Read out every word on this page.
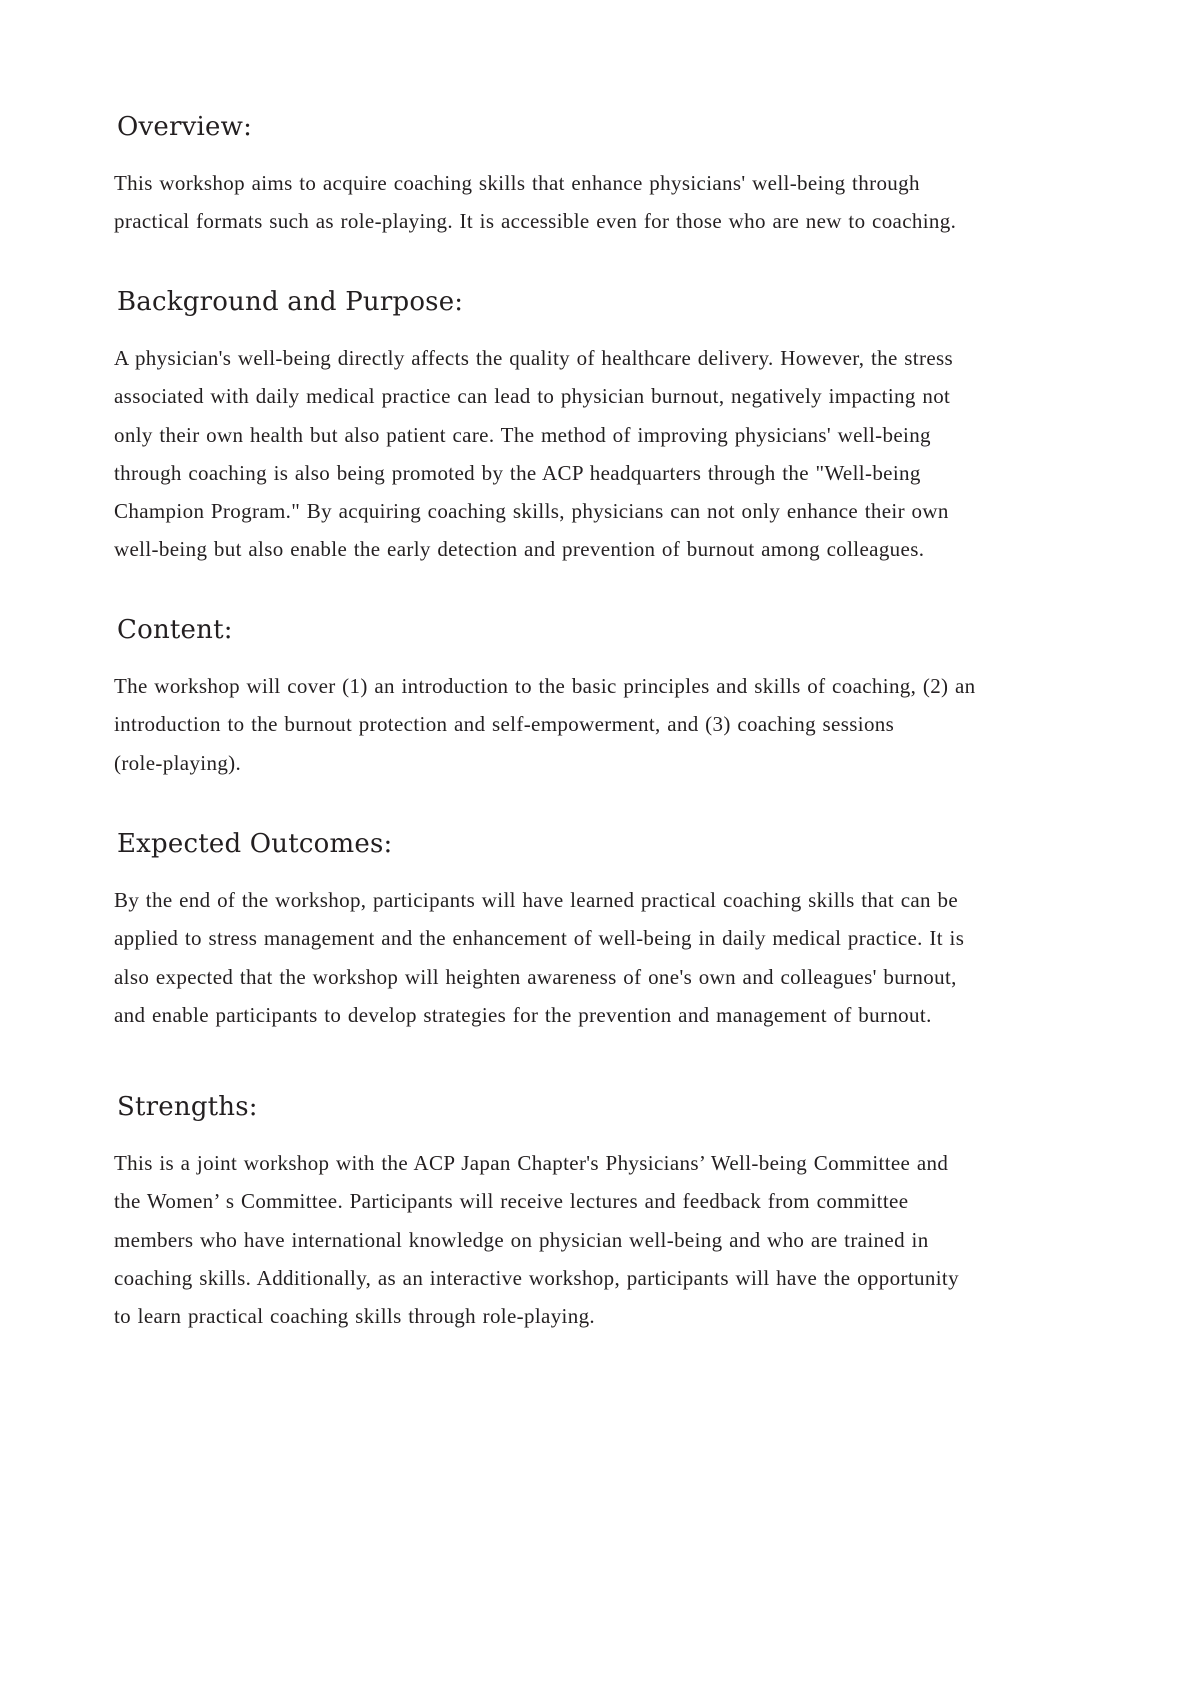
Overview:

This workshop aims to acquire coaching skills that enhance physicians' well-being through
practical formats such as role-playing. It is accessible even for those who are new to coaching.

Background and Purpose:

A physician's well-being directly affects the quality of healthcare delivery. However, the stress
associated with daily medical practice can lead to physician burnout, negatively impacting not
only their own health but also patient care. The method of improving physicians' well-being
through coaching is also being promoted by the ACP headquarters through the "Well-being
Champion Program." By acquiring coaching skills, physicians can not only enhance their own
well-being but also enable the early detection and prevention of burnout among colleagues.

Content:

The workshop will cover (1) an introduction to the basic principles and skills of coaching, (2) an
introduction to the burnout protection and self-empowerment, and (3) coaching sessions
(role-playing).

Expected Outcomes:

By the end of the workshop, participants will have learned practical coaching skills that can be
applied to stress management and the enhancement of well-being in daily medical practice. It is
also expected that the workshop will heighten awareness of one's own and colleagues' burnout,
and enable participants to develop strategies for the prevention and management of burnout.

Strengths:

This is a joint workshop with the ACP Japan Chapter's Physicians’ Well-being Committee and
the Women’ s Committee. Participants will receive lectures and feedback from committee
members who have international knowledge on physician well-being and who are trained in
coaching skills. Additionally, as an interactive workshop, participants will have the opportunity
to learn practical coaching skills through role-playing.
